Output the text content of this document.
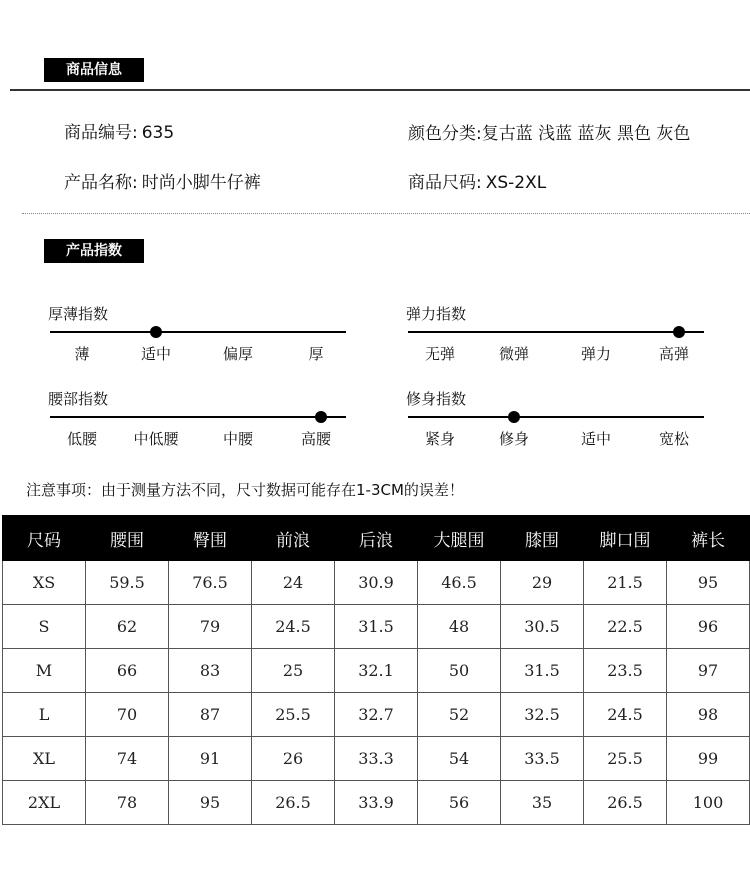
商品信息
商品编号: 635	颜色分类:复古蓝 浅蓝 蓝灰 黑色 灰色
产品名称: 时尚小脚牛仔裤	商品尺码: XS-2XL
产品指数
厚薄指数
薄	适中	偏厚	厚
弹力指数
无弹	微弹	弹力	高弹
腰部指数
低腰 中低腰	中腰	高腰
修身指数
紧身	修身	适中	宽松
注意事项：由于测量方法不同，尺寸数据可能存在1-3CM的误差！
尺码	腰围	臀围	前浪	后浪	大腿围	膝围	脚口围	裤长
XS	59.5	76.5	24	30.9	46.5	29	21.5	95
S	62	79	24.5	31.5	48	30.5	22.5	96
M	66	83	25	32.1	50	31.5	23.5	97
L	70	87	25.5	32.7	52	32.5	24.5	98
XL	74	91	26	33.3	54	33.5	25.5	99
2XL	78	95	26.5	33.9	56	35	26.5	100
